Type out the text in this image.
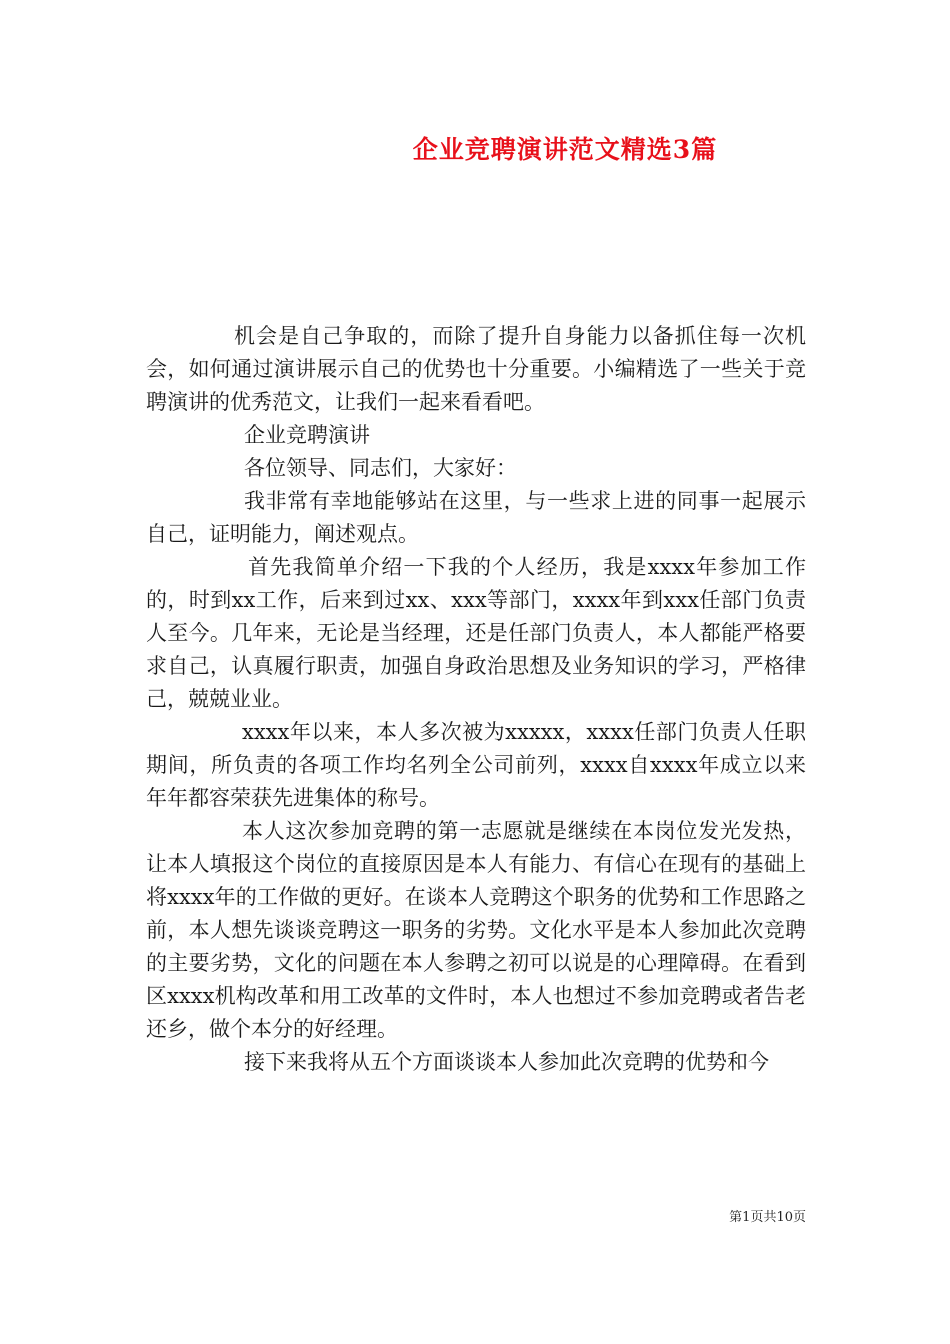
企业竞聘演讲范文精选3篇

机会是自己争取的，而除了提升自身能力以备抓住每一次机会，如何通过演讲展示自己的优势也十分重要。小编精选了一些关于竞聘演讲的优秀范文，让我们一起来看看吧。

企业竞聘演讲

各位领导、同志们，大家好：

我非常有幸地能够站在这里，与一些求上进的同事一起展示自己，证明能力，阐述观点。

首先我简单介绍一下我的个人经历，我是xxxx年参加工作的，时到xx工作，后来到过xx、xxx等部门，xxxx年到xxx任部门负责人至今。几年来，无论是当经理，还是任部门负责人，本人都能严格要求自己，认真履行职责，加强自身政治思想及业务知识的学习，严格律己，兢兢业业。

xxxx年以来，本人多次被为xxxxx，xxxx任部门负责人任职期间，所负责的各项工作均名列全公司前列，xxxx自xxxx年成立以来年年都容荣获先进集体的称号。

本人这次参加竞聘的第一志愿就是继续在本岗位发光发热，让本人填报这个岗位的直接原因是本人有能力、有信心在现有的基础上将xxxx年的工作做的更好。在谈本人竞聘这个职务的优势和工作思路之前，本人想先谈谈竞聘这一职务的劣势。文化水平是本人参加此次竞聘的主要劣势，文化的问题在本人参聘之初可以说是的心理障碍。在看到区xxxx机构改革和用工改革的文件时，本人也想过不参加竞聘或者告老还乡，做个本分的好经理。

接下来我将从五个方面谈谈本人参加此次竞聘的优势和今

第1页共10页
